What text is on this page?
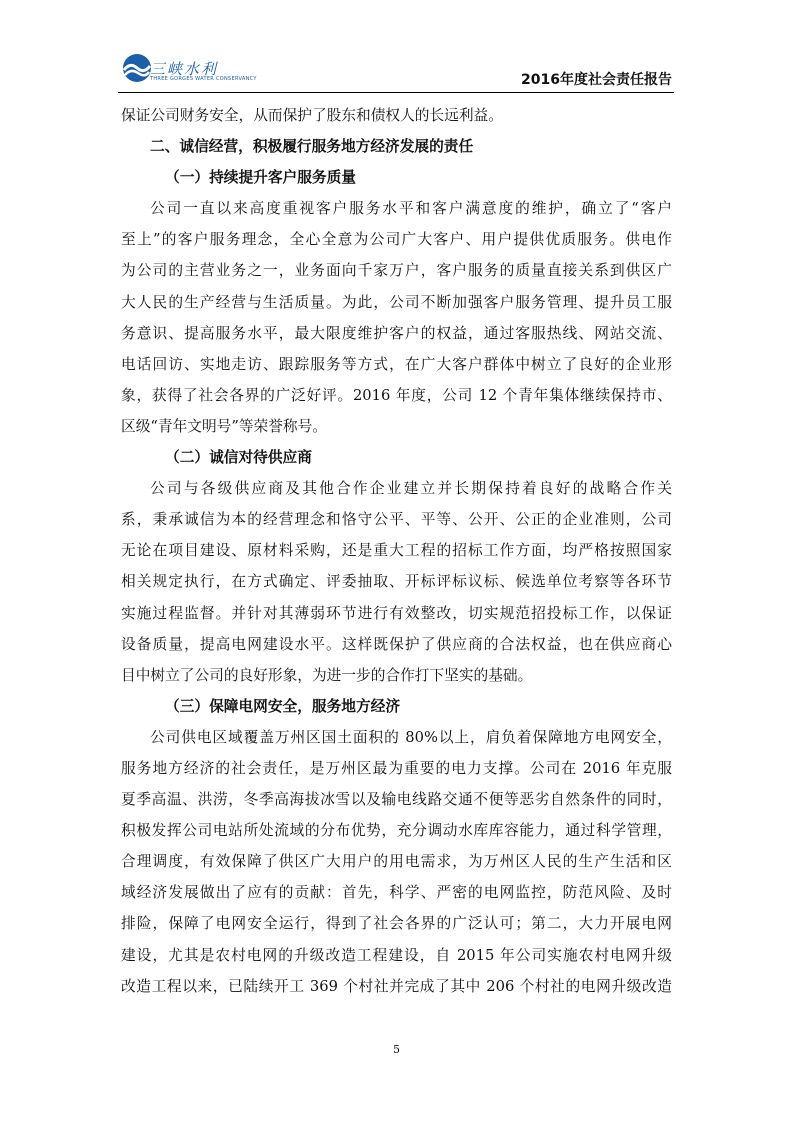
三峡水利
THREE GORGES WATER CONSERVANCY	2016年度社会责任报告
保证公司财务安全，从而保护了股东和债权人的长远利益。
二、诚信经营，积极履行服务地方经济发展的责任
（一）持续提升客户服务质量
公司一直以来高度重视客户服务水平和客户满意度的维护，确立了“客户
至上”的客户服务理念，全心全意为公司广大客户、用户提供优质服务。供电作
为公司的主营业务之一，业务面向千家万户，客户服务的质量直接关系到供区广
大人民的生产经营与生活质量。为此，公司不断加强客户服务管理、提升员工服
务意识、提高服务水平，最大限度维护客户的权益，通过客服热线、网站交流、
电话回访、实地走访、跟踪服务等方式，在广大客户群体中树立了良好的企业形
象，获得了社会各界的广泛好评。2016 年度，公司 12 个青年集体继续保持市、
区级“青年文明号”等荣誉称号。
（二）诚信对待供应商
公司与各级供应商及其他合作企业建立并长期保持着良好的战略合作关
系，秉承诚信为本的经营理念和恪守公平、平等、公开、公正的企业准则，公司
无论在项目建设、原材料采购，还是重大工程的招标工作方面，均严格按照国家
相关规定执行，在方式确定、评委抽取、开标评标议标、候选单位考察等各环节
实施过程监督。并针对其薄弱环节进行有效整改，切实规范招投标工作，以保证
设备质量，提高电网建设水平。这样既保护了供应商的合法权益，也在供应商心
目中树立了公司的良好形象，为进一步的合作打下坚实的基础。
（三）保障电网安全，服务地方经济
公司供电区域覆盖万州区国土面积的 80%以上，肩负着保障地方电网安全，
服务地方经济的社会责任，是万州区最为重要的电力支撑。公司在 2016 年克服
夏季高温、洪涝，冬季高海拔冰雪以及输电线路交通不便等恶劣自然条件的同时，
积极发挥公司电站所处流域的分布优势，充分调动水库库容能力，通过科学管理，
合理调度，有效保障了供区广大用户的用电需求，为万州区人民的生产生活和区
域经济发展做出了应有的贡献：首先，科学、严密的电网监控，防范风险、及时
排险，保障了电网安全运行，得到了社会各界的广泛认可；第二，大力开展电网
建设，尤其是农村电网的升级改造工程建设，自 2015 年公司实施农村电网升级
改造工程以来，已陆续开工 369 个村社并完成了其中 206 个村社的电网升级改造
5
